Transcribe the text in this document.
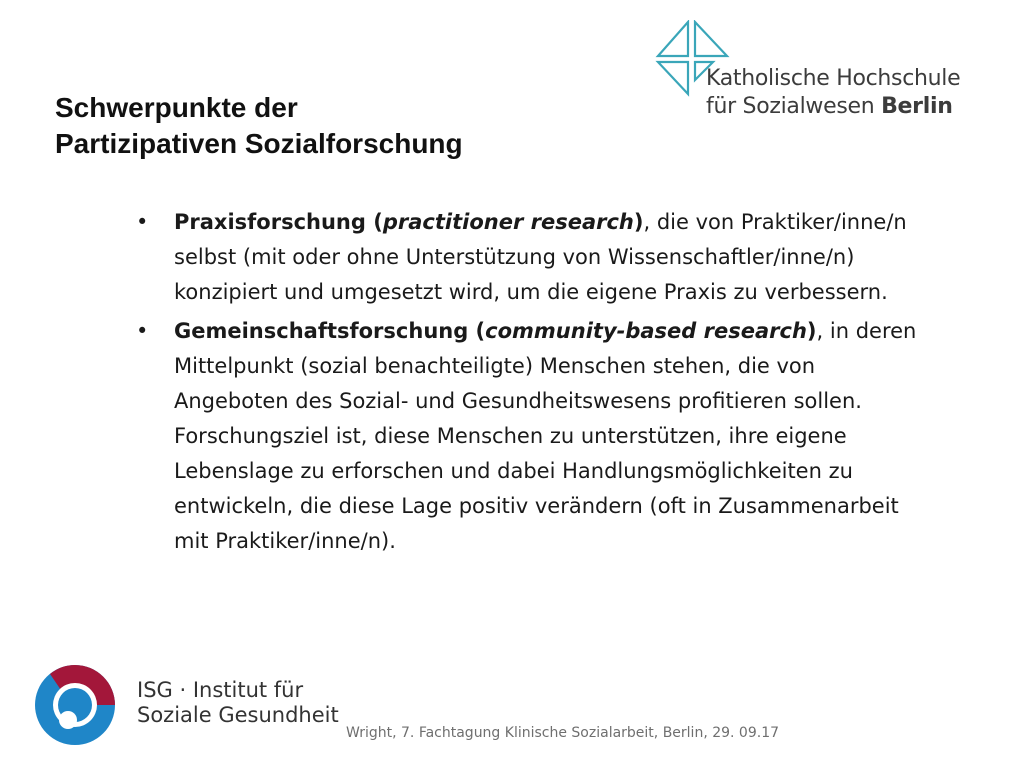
Schwerpunkte der
Partizipativen Sozialforschung
Katholische Hochschule
für Sozialwesen Berlin
• Praxisforschung (practitioner research), die von Praktiker/inne/n selbst (mit oder ohne Unterstützung von Wissenschaftler/inne/n) konzipiert und umgesetzt wird, um die eigene Praxis zu verbessern.
• Gemeinschaftsforschung (community-based research), in deren Mittelpunkt (sozial benachteiligte) Menschen stehen, die von Angeboten des Sozial- und Gesundheitswesens profitieren sollen. Forschungsziel ist, diese Menschen zu unterstützen, ihre eigene Lebenslage zu erforschen und dabei Handlungsmöglichkeiten zu entwickeln, die diese Lage positiv verändern (oft in Zusammenarbeit mit Praktiker/inne/n).
ISG · Institut für
Soziale Gesundheit
Wright, 7. Fachtagung Klinische Sozialarbeit, Berlin, 29. 09.17
